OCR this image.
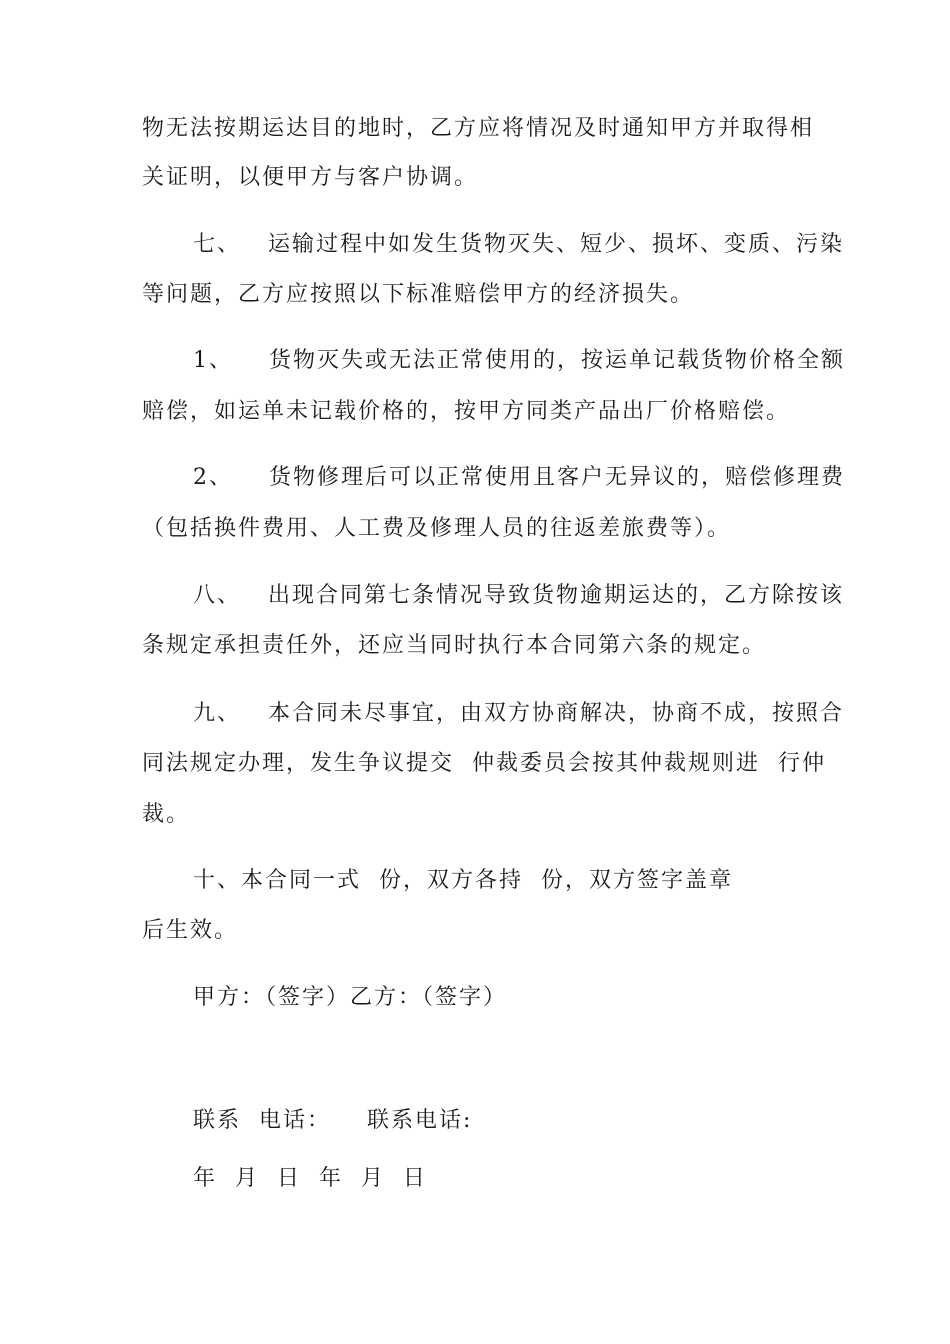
物无法按期运达目的地时，乙方应将情况及时通知甲方并取得相
关证明，以便甲方与客户协调。
七、   运输过程中如发生货物灭失、短少、损坏、变质、污染
等问题，乙方应按照以下标准赔偿甲方的经济损失。
1、    货物灭失或无法正常使用的，按运单记载货物价格全额
赔偿，如运单未记载价格的，按甲方同类产品出厂价格赔偿。
2、    货物修理后可以正常使用且客户无异议的，赔偿修理费
（包括换件费用、人工费及修理人员的往返差旅费等）。
八、   出现合同第七条情况导致货物逾期运达的，乙方除按该
条规定承担责任外，还应当同时执行本合同第六条的规定。
九、   本合同未尽事宜，由双方协商解决，协商不成，按照合
同法规定办理，发生争议提交  仲裁委员会按其仲裁规则进  行仲
裁。
十、本合同一式  份，双方各持  份，双方签字盖章
后生效。
甲方：（签字）乙方：（签字）
联系  电话：    联系电话:
年  月  日  年  月  日
